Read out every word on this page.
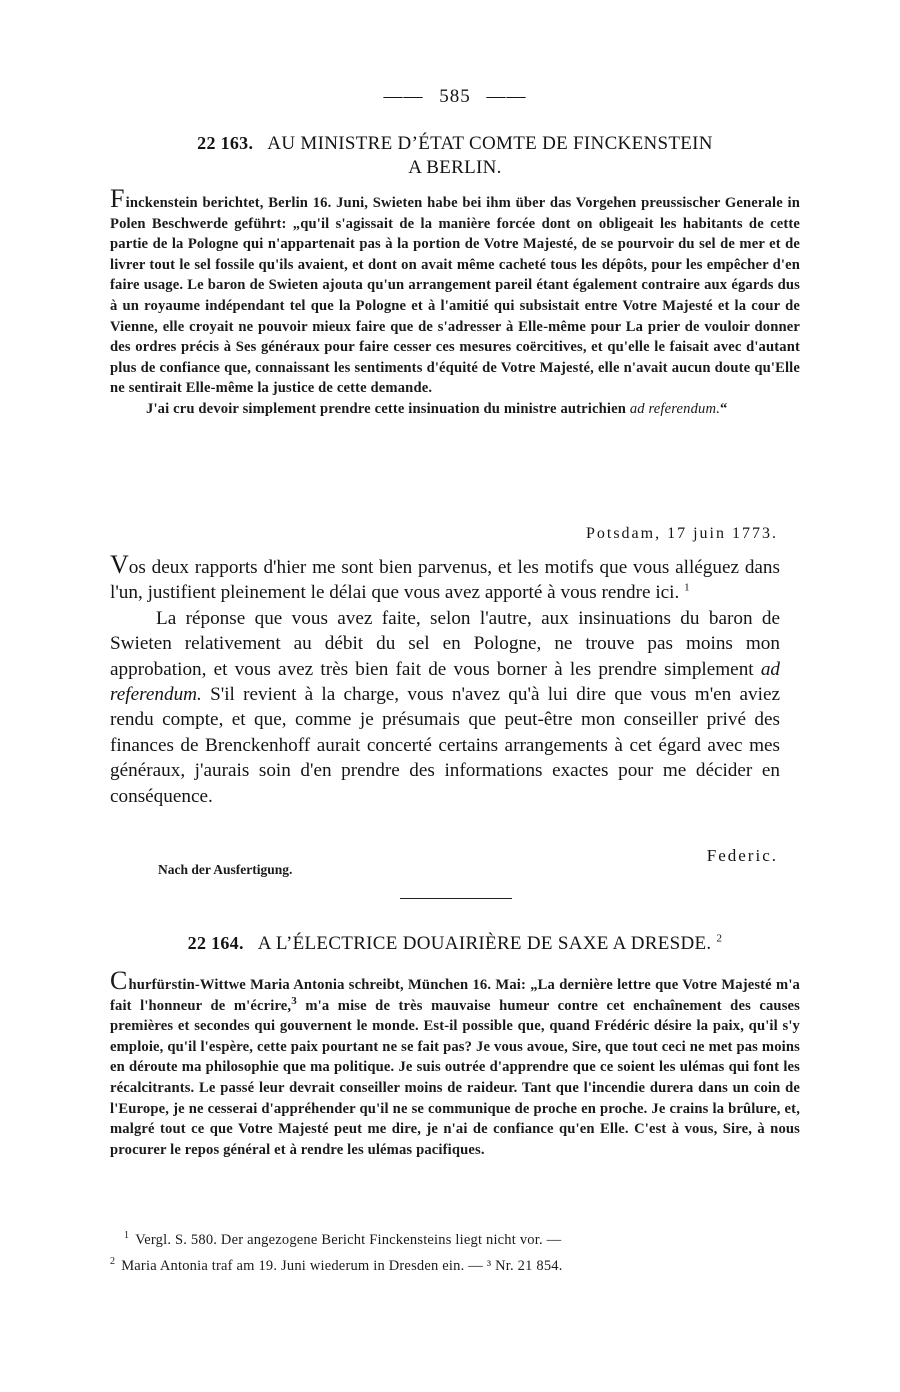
—— 585 ——
22 163. AU MINISTRE D’ÉTAT COMTE DE FINCKENSTEIN
A BERLIN.

Finckenstein berichtet, Berlin 16. Juni, Swieten habe bei ihm über das Vorgehen preussischer Generale in Polen Beschwerde geführt: „qu'il s'agissait de la manière forcée dont on obligeait les habitants de cette partie de la Pologne qui n'appartenait pas à la portion de Votre Majesté, de se pourvoir du sel de mer et de livrer tout le sel fossile qu'ils avaient, et dont on avait même cacheté tous les dépôts, pour les empêcher d'en faire usage. Le baron de Swieten ajouta qu'un arrangement pareil étant également contraire aux égards dus à un royaume indépendant tel que la Pologne et à l'amitié qui subsistait entre Votre Majesté et la cour de Vienne, elle croyait ne pouvoir mieux faire que de s'adresser à Elle-même pour La prier de vouloir donner des ordres précis à Ses généraux pour faire cesser ces mesures coërcitives, et qu'elle le faisait avec d'autant plus de confiance que, connaissant les sentiments d'équité de Votre Majesté, elle n'avait aucun doute qu'Elle ne sentirait Elle-même la justice de cette demande.

J'ai cru devoir simplement prendre cette insinuation du ministre autrichien ad referendum.“

Potsdam, 17 juin 1773.

Vos deux rapports d'hier me sont bien parvenus, et les motifs que vous alléguez dans l'un, justifient pleinement le délai que vous avez apporté à vous rendre ici. $^1$

La réponse que vous avez faite, selon l'autre, aux insinuations du baron de Swieten relativement au débit du sel en Pologne, ne trouve pas moins mon approbation, et vous avez très bien fait de vous borner à les prendre simplement ad referendum. S'il revient à la charge, vous n'avez qu'à lui dire que vous m'en aviez rendu compte, et que, comme je présumais que peut-être mon conseiller privé des finances de Brenckenhoff aurait concerté certains arrangements à cet égard avec mes généraux, j'aurais soin d'en prendre des informations exactes pour me décider en conséquence.

Federic.
Nach der Ausfertigung.
22 164. A L’ÉLECTRICE DOUAIRIÈRE DE SAXE A DRESDE. $^2$

Churfürstin-Wittwe Maria Antonia schreibt, München 16. Mai: „La dernière lettre que Votre Majesté m'a fait l'honneur de m'écrire,$^3$ m'a mise de très mauvaise humeur contre cet enchaînement des causes premières et secondes qui gouvernent le monde. Est-il possible que, quand Frédéric désire la paix, qu'il s'y emploie, qu'il l'espère, cette paix pourtant ne se fait pas? Je vous avoue, Sire, que tout ceci ne met pas moins en déroute ma philosophie que ma politique. Je suis outrée d'apprendre que ce soient les ulémas qui font les récalcitrants. Le passé leur devrait conseiller moins de raideur. Tant que l'incendie durera dans un coin de l'Europe, je ne cesserai d'appréhender qu'il ne se communique de proche en proche. Je crains la brûlure, et, malgré tout ce que Votre Majesté peut me dire, je n'ai de confiance qu'en Elle. C'est à vous, Sire, à nous procurer le repos général et à rendre les ulémas pacifiques.

$^1$ Vergl. S. 580. Der angezogene Bericht Finckensteins liegt nicht vor. —

$^2$ Maria Antonia traf am 19. Juni wiederum in Dresden ein. — ³ Nr. 21 854.
